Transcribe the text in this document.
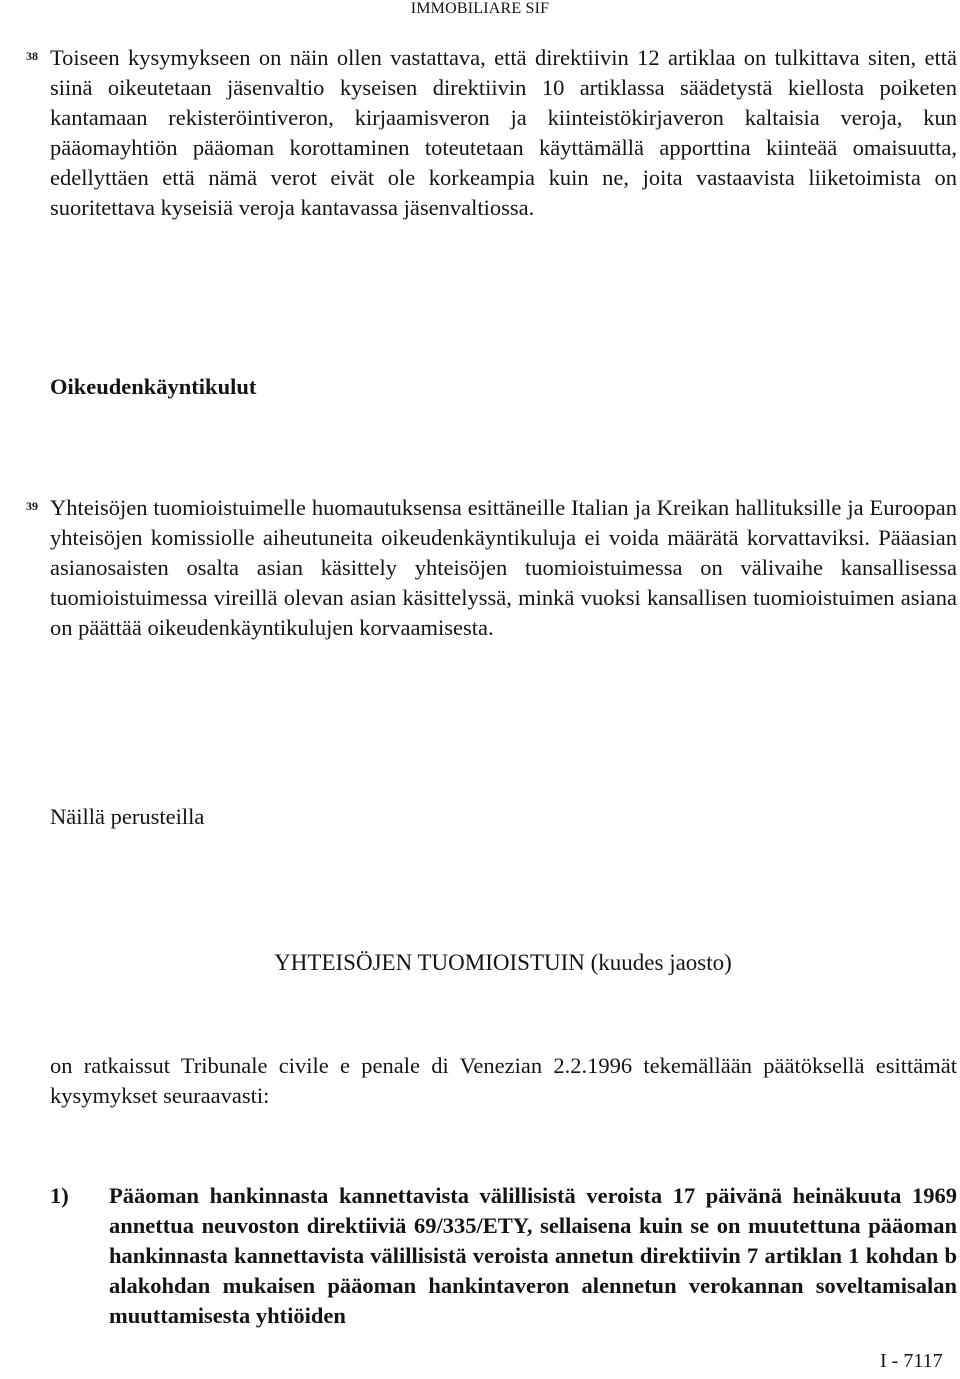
IMMOBILIARE SIF
38 Toiseen kysymykseen on näin ollen vastattava, että direktiivin 12 artiklaa on tulkittava siten, että siinä oikeutetaan jäsenvaltio kyseisen direktiivin 10 artiklassa säädetystä kiellosta poiketen kantamaan rekisteröintiveron, kirjaamisveron ja kiinteistökirjaveron kaltaisia veroja, kun pääomayhtiön pääoman korottaminen toteutetaan käyttämällä apporttina kiinteää omaisuutta, edellyttäen että nämä verot eivät ole korkeampia kuin ne, joita vastaavista liiketoimista on suoritettava kyseisiä veroja kantavassa jäsenvaltiossa.
Oikeudenkäyntikulut
39 Yhteisöjen tuomioistuimelle huomautuksensa esittäneille Italian ja Kreikan hallituksille ja Euroopan yhteisöjen komissiolle aiheutuneita oikeudenkäyntikuluja ei voida määrätä korvattaviksi. Pääasian asianosaisten osalta asian käsittely yhteisöjen tuomioistuimessa on välivaihe kansallisessa tuomioistuimessa vireillä olevan asian käsittelyssä, minkä vuoksi kansallisen tuomioistuimen asiana on päättää oikeudenkäyntikulujen korvaamisesta.
Näillä perusteilla
YHTEISÖJEN TUOMIOISTUIN (kuudes jaosto)
on ratkaissut Tribunale civile e penale di Venezian 2.2.1996 tekemällään päätöksellä esittämät kysymykset seuraavasti:
1) Pääoman hankinnasta kannettavista välillisistä veroista 17 päivänä heinäkuuta 1969 annettua neuvoston direktiiviä 69/335/ETY, sellaisena kuin se on muutettuna pääoman hankinnasta kannettavista välillisistä veroista annetun direktiivin 7 artiklan 1 kohdan b alakohdan mukaisen pääoman hankintaveron alennetun verokannan soveltamisalan muuttamisesta yhtiöiden
I - 7117
